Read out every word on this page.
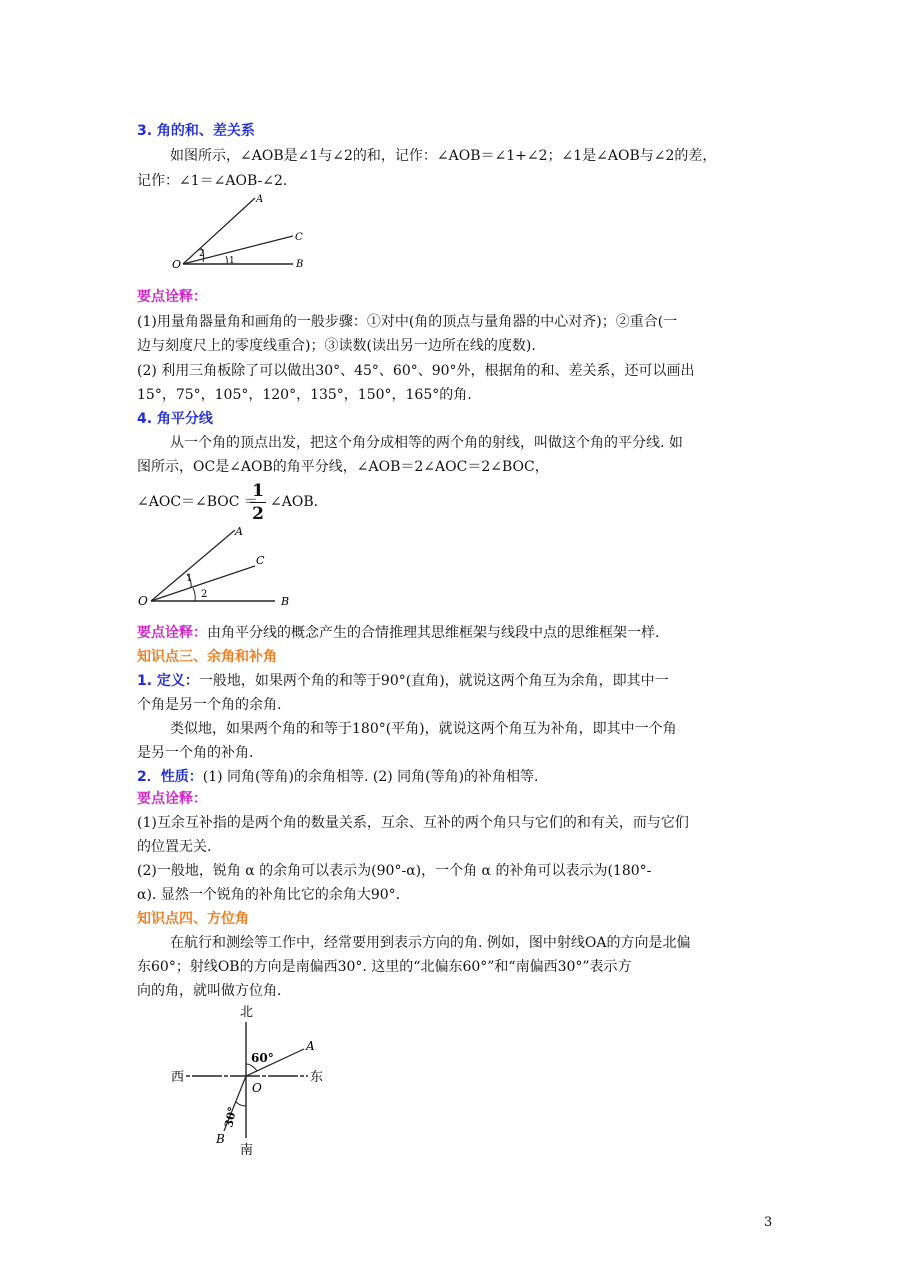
3. 角的和、差关系
如图所示，∠AOB是∠1与∠2的和，记作：∠AOB＝∠1+∠2；∠1是∠AOB与∠2的差，
记作：∠1＝∠AOB-∠2.
O
A
C
B
2
1
要点诠释：
(1)用量角器量角和画角的一般步骤：①对中(角的顶点与量角器的中心对齐)；②重合(一
边与刻度尺上的零度线重合)；③读数(读出另一边所在线的度数).
(2) 利用三角板除了可以做出30°、45°、60°、90°外，根据角的和、差关系，还可以画出
15°，75°，105°，120°，135°，150°，165°的角.
4. 角平分线
从一个角的顶点出发，把这个角分成相等的两个角的射线，叫做这个角的平分线. 如
图所示，OC是∠AOB的角平分线，∠AOB＝2∠AOC＝2∠BOC，
∠AOC＝∠BOC ＝
1
2
∠AOB.
O
A
C
B
1
2
要点诠释：由角平分线的概念产生的合情推理其思维框架与线段中点的思维框架一样.
知识点三、余角和补角
1. 定义：一般地，如果两个角的和等于90°(直角)，就说这两个角互为余角，即其中一
个角是另一个角的余角.
类似地，如果两个角的和等于180°(平角)，就说这两个角互为补角，即其中一个角
是另一个角的补角.
2．性质：(1) 同角(等角)的余角相等. (2) 同角(等角)的补角相等.
要点诠释：
(1)互余互补指的是两个角的数量关系，互余、互补的两个角只与它们的和有关，而与它们
的位置无关.
(2)一般地，锐角 α 的余角可以表示为(90°-α)，一个角 α 的补角可以表示为(180°-
α). 显然一个锐角的补角比它的余角大90°.
知识点四、方位角
在航行和测绘等工作中，经常要用到表示方向的角. 例如，图中射线OA的方向是北偏
东60°；射线OB的方向是南偏西30°. 这里的“北偏东60°”和“南偏西30°”表示方
向的角，就叫做方位角.
北
南
西	东
O
A
B
60°
30°
3
